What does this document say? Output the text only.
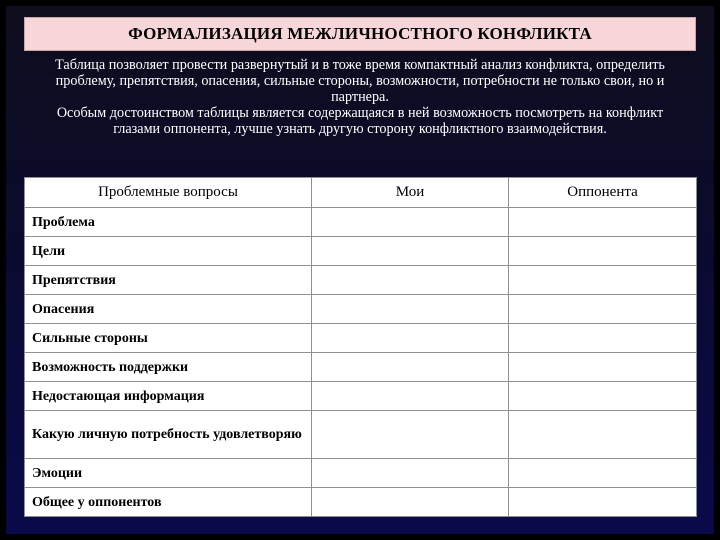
ФОРМАЛИЗАЦИЯ МЕЖЛИЧНОСТНОГО КОНФЛИКТА

Таблица позволяет провести развернутый и в тоже время компактный анализ конфликта, определить проблему, препятствия, опасения, сильные стороны, возможности, потребности не только свои, но и партнера.

Особым достоинством таблицы является содержащаяся в ней возможность посмотреть на конфликт глазами оппонента, лучше узнать другую сторону конфликтного взаимодействия.

Проблемные вопросы	Мои	Оппонента
Проблема		
Цели		
Препятствия		
Опасения		
Сильные стороны		
Возможность поддержки		
Недостающая информация		
Какую личную потребность удовлетворяю		
Эмоции		
Общее у оппонентов		
